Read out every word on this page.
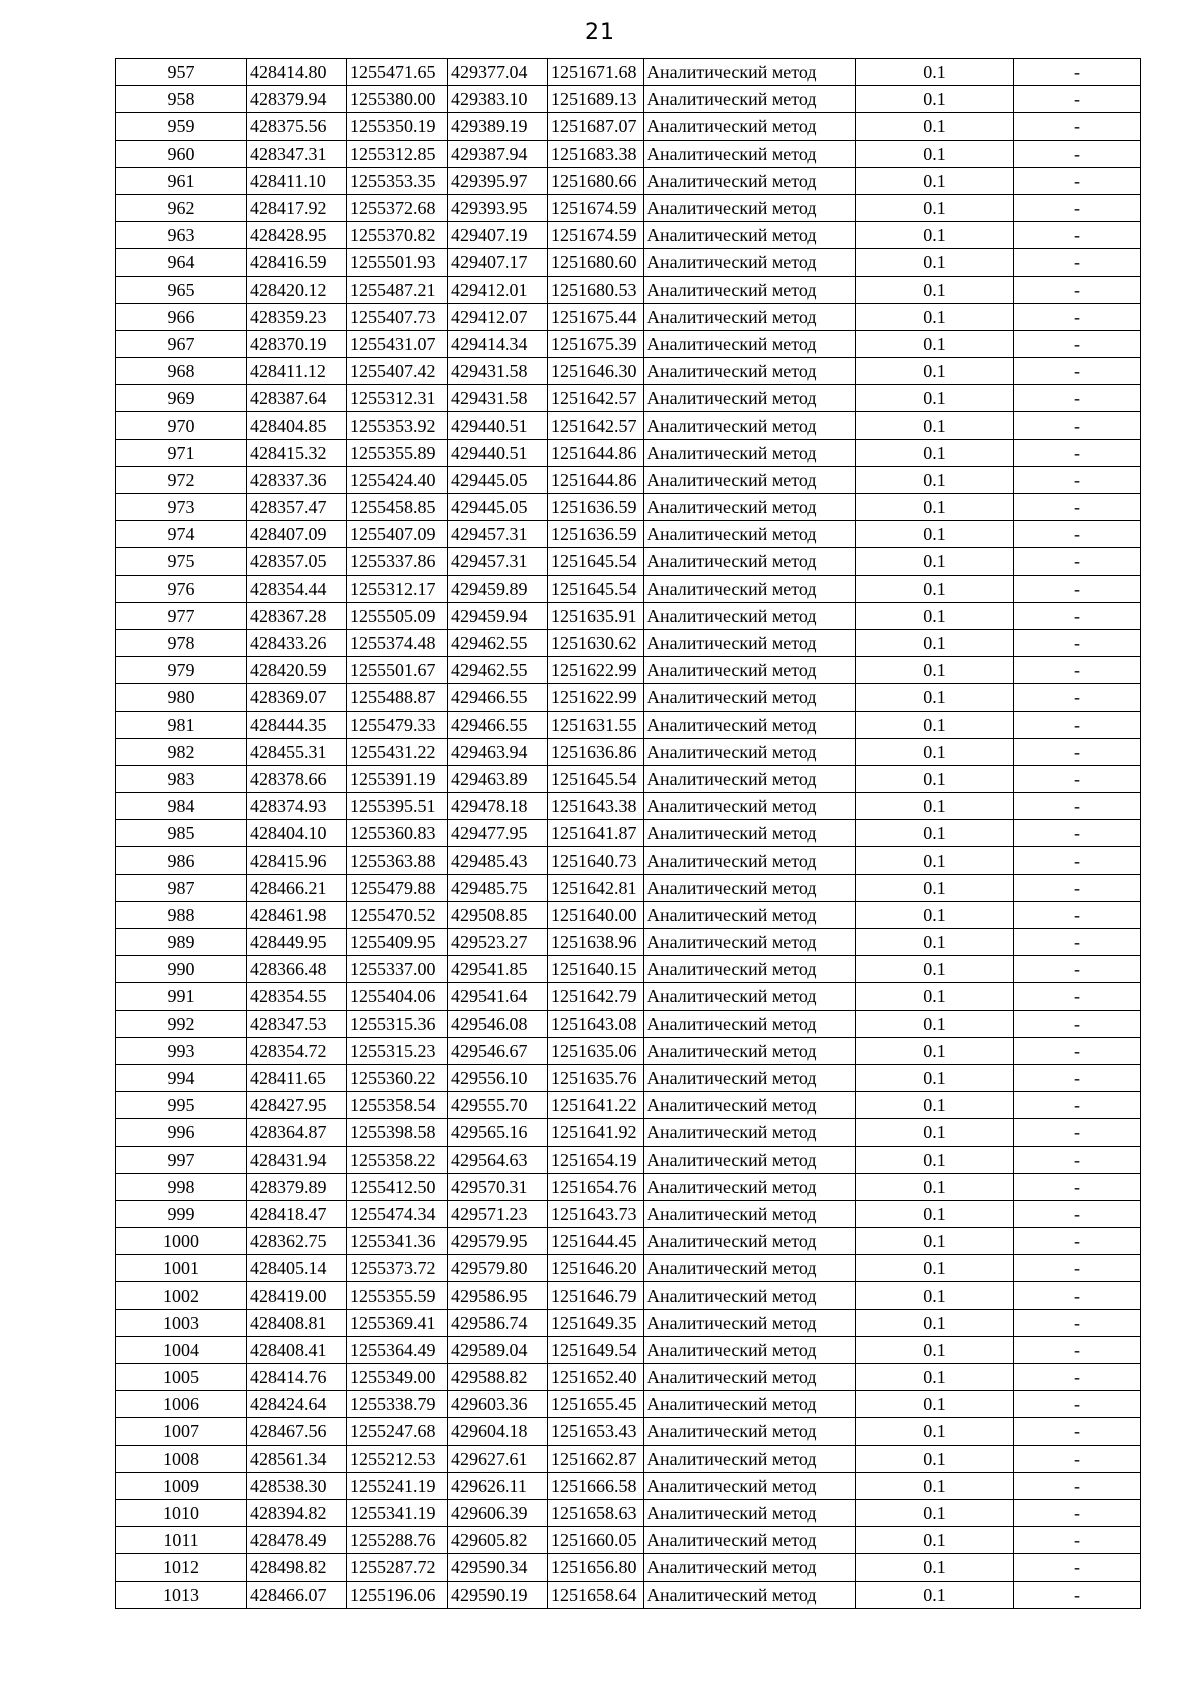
21
957	428414.80	1255471.65	429377.04	1251671.68	Аналитический метод	0.1	-
958	428379.94	1255380.00	429383.10	1251689.13	Аналитический метод	0.1	-
959	428375.56	1255350.19	429389.19	1251687.07	Аналитический метод	0.1	-
960	428347.31	1255312.85	429387.94	1251683.38	Аналитический метод	0.1	-
961	428411.10	1255353.35	429395.97	1251680.66	Аналитический метод	0.1	-
962	428417.92	1255372.68	429393.95	1251674.59	Аналитический метод	0.1	-
963	428428.95	1255370.82	429407.19	1251674.59	Аналитический метод	0.1	-
964	428416.59	1255501.93	429407.17	1251680.60	Аналитический метод	0.1	-
965	428420.12	1255487.21	429412.01	1251680.53	Аналитический метод	0.1	-
966	428359.23	1255407.73	429412.07	1251675.44	Аналитический метод	0.1	-
967	428370.19	1255431.07	429414.34	1251675.39	Аналитический метод	0.1	-
968	428411.12	1255407.42	429431.58	1251646.30	Аналитический метод	0.1	-
969	428387.64	1255312.31	429431.58	1251642.57	Аналитический метод	0.1	-
970	428404.85	1255353.92	429440.51	1251642.57	Аналитический метод	0.1	-
971	428415.32	1255355.89	429440.51	1251644.86	Аналитический метод	0.1	-
972	428337.36	1255424.40	429445.05	1251644.86	Аналитический метод	0.1	-
973	428357.47	1255458.85	429445.05	1251636.59	Аналитический метод	0.1	-
974	428407.09	1255407.09	429457.31	1251636.59	Аналитический метод	0.1	-
975	428357.05	1255337.86	429457.31	1251645.54	Аналитический метод	0.1	-
976	428354.44	1255312.17	429459.89	1251645.54	Аналитический метод	0.1	-
977	428367.28	1255505.09	429459.94	1251635.91	Аналитический метод	0.1	-
978	428433.26	1255374.48	429462.55	1251630.62	Аналитический метод	0.1	-
979	428420.59	1255501.67	429462.55	1251622.99	Аналитический метод	0.1	-
980	428369.07	1255488.87	429466.55	1251622.99	Аналитический метод	0.1	-
981	428444.35	1255479.33	429466.55	1251631.55	Аналитический метод	0.1	-
982	428455.31	1255431.22	429463.94	1251636.86	Аналитический метод	0.1	-
983	428378.66	1255391.19	429463.89	1251645.54	Аналитический метод	0.1	-
984	428374.93	1255395.51	429478.18	1251643.38	Аналитический метод	0.1	-
985	428404.10	1255360.83	429477.95	1251641.87	Аналитический метод	0.1	-
986	428415.96	1255363.88	429485.43	1251640.73	Аналитический метод	0.1	-
987	428466.21	1255479.88	429485.75	1251642.81	Аналитический метод	0.1	-
988	428461.98	1255470.52	429508.85	1251640.00	Аналитический метод	0.1	-
989	428449.95	1255409.95	429523.27	1251638.96	Аналитический метод	0.1	-
990	428366.48	1255337.00	429541.85	1251640.15	Аналитический метод	0.1	-
991	428354.55	1255404.06	429541.64	1251642.79	Аналитический метод	0.1	-
992	428347.53	1255315.36	429546.08	1251643.08	Аналитический метод	0.1	-
993	428354.72	1255315.23	429546.67	1251635.06	Аналитический метод	0.1	-
994	428411.65	1255360.22	429556.10	1251635.76	Аналитический метод	0.1	-
995	428427.95	1255358.54	429555.70	1251641.22	Аналитический метод	0.1	-
996	428364.87	1255398.58	429565.16	1251641.92	Аналитический метод	0.1	-
997	428431.94	1255358.22	429564.63	1251654.19	Аналитический метод	0.1	-
998	428379.89	1255412.50	429570.31	1251654.76	Аналитический метод	0.1	-
999	428418.47	1255474.34	429571.23	1251643.73	Аналитический метод	0.1	-
1000	428362.75	1255341.36	429579.95	1251644.45	Аналитический метод	0.1	-
1001	428405.14	1255373.72	429579.80	1251646.20	Аналитический метод	0.1	-
1002	428419.00	1255355.59	429586.95	1251646.79	Аналитический метод	0.1	-
1003	428408.81	1255369.41	429586.74	1251649.35	Аналитический метод	0.1	-
1004	428408.41	1255364.49	429589.04	1251649.54	Аналитический метод	0.1	-
1005	428414.76	1255349.00	429588.82	1251652.40	Аналитический метод	0.1	-
1006	428424.64	1255338.79	429603.36	1251655.45	Аналитический метод	0.1	-
1007	428467.56	1255247.68	429604.18	1251653.43	Аналитический метод	0.1	-
1008	428561.34	1255212.53	429627.61	1251662.87	Аналитический метод	0.1	-
1009	428538.30	1255241.19	429626.11	1251666.58	Аналитический метод	0.1	-
1010	428394.82	1255341.19	429606.39	1251658.63	Аналитический метод	0.1	-
1011	428478.49	1255288.76	429605.82	1251660.05	Аналитический метод	0.1	-
1012	428498.82	1255287.72	429590.34	1251656.80	Аналитический метод	0.1	-
1013	428466.07	1255196.06	429590.19	1251658.64	Аналитический метод	0.1	-
